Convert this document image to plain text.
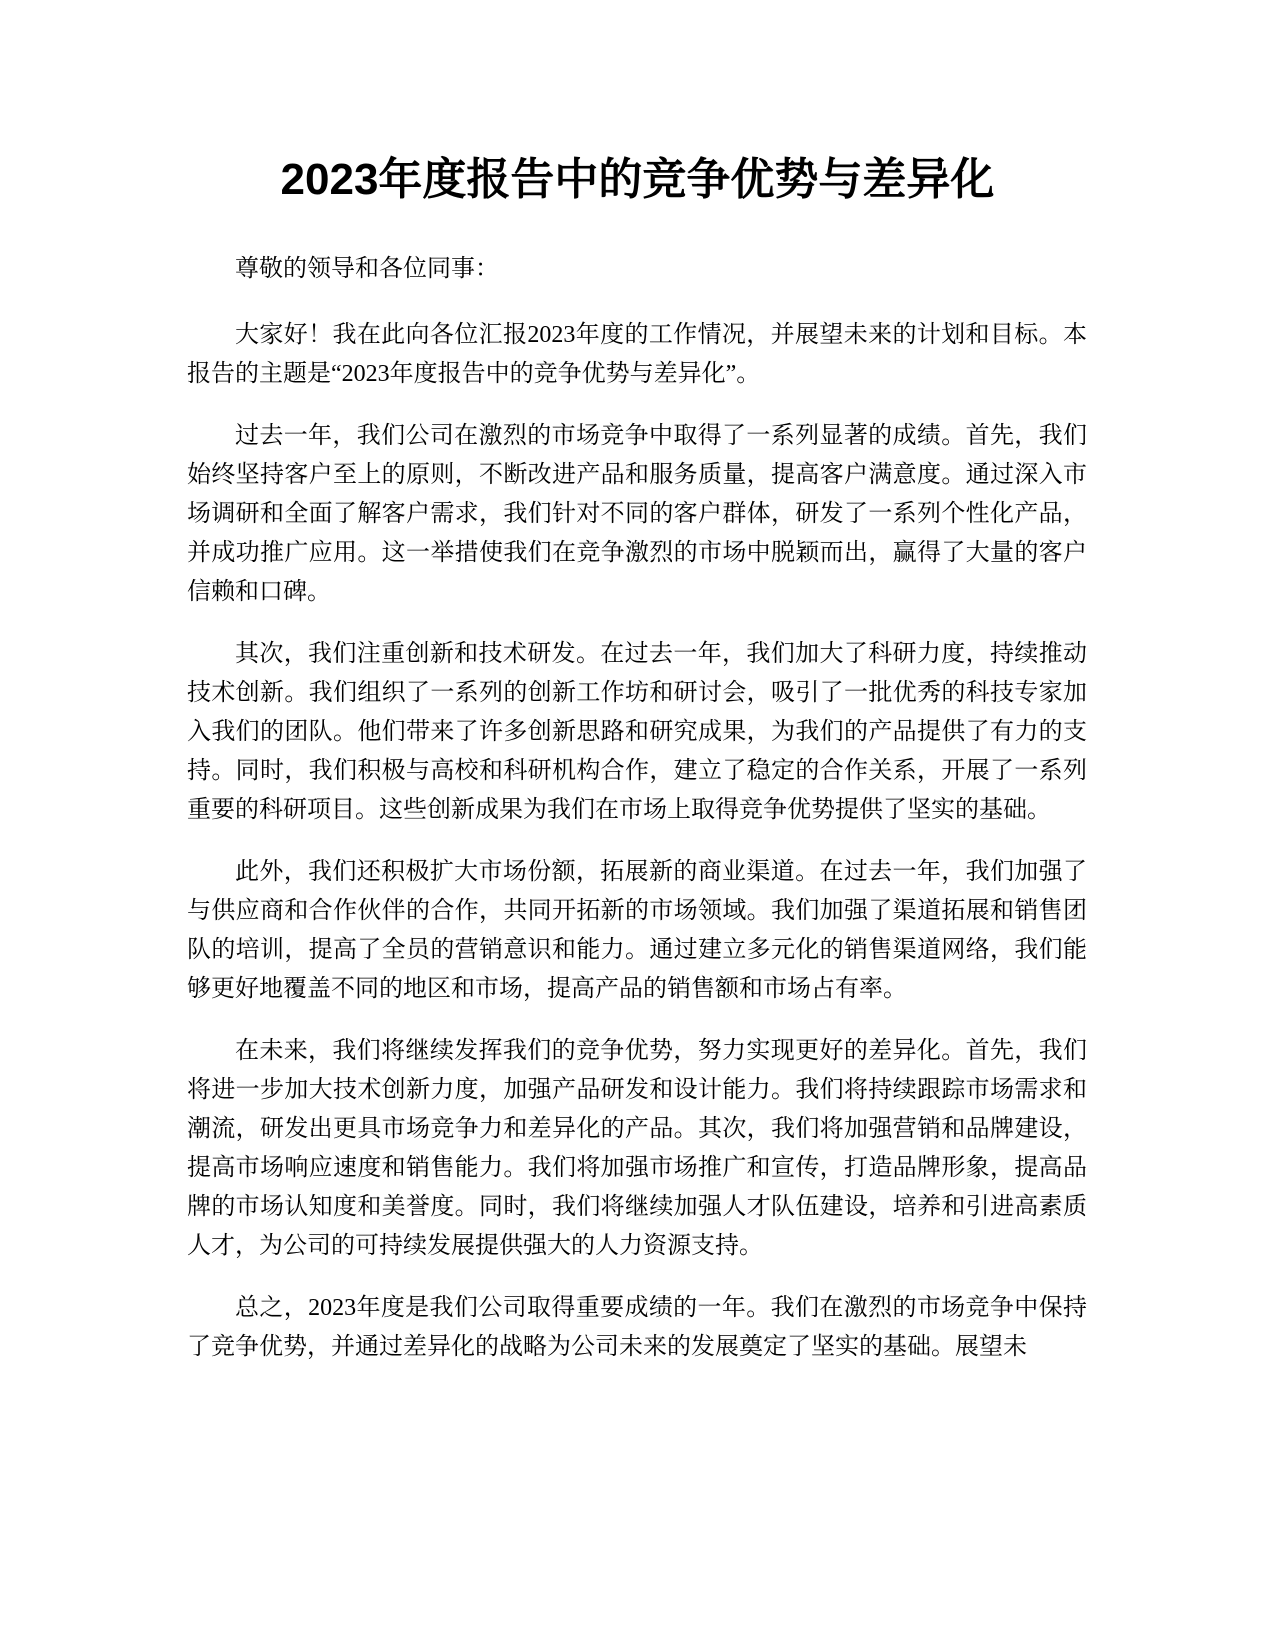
2023年度报告中的竞争优势与差异化

尊敬的领导和各位同事：

大家好！我在此向各位汇报2023年度的工作情况，并展望未来的计划和目标。本报告的主题是“2023年度报告中的竞争优势与差异化”。

过去一年，我们公司在激烈的市场竞争中取得了一系列显著的成绩。首先，我们始终坚持客户至上的原则，不断改进产品和服务质量，提高客户满意度。通过深入市场调研和全面了解客户需求，我们针对不同的客户群体，研发了一系列个性化产品，并成功推广应用。这一举措使我们在竞争激烈的市场中脱颖而出，赢得了大量的客户信赖和口碑。

其次，我们注重创新和技术研发。在过去一年，我们加大了科研力度，持续推动技术创新。我们组织了一系列的创新工作坊和研讨会，吸引了一批优秀的科技专家加入我们的团队。他们带来了许多创新思路和研究成果，为我们的产品提供了有力的支持。同时，我们积极与高校和科研机构合作，建立了稳定的合作关系，开展了一系列重要的科研项目。这些创新成果为我们在市场上取得竞争优势提供了坚实的基础。

此外，我们还积极扩大市场份额，拓展新的商业渠道。在过去一年，我们加强了与供应商和合作伙伴的合作，共同开拓新的市场领域。我们加强了渠道拓展和销售团队的培训，提高了全员的营销意识和能力。通过建立多元化的销售渠道网络，我们能够更好地覆盖不同的地区和市场，提高产品的销售额和市场占有率。

在未来，我们将继续发挥我们的竞争优势，努力实现更好的差异化。首先，我们将进一步加大技术创新力度，加强产品研发和设计能力。我们将持续跟踪市场需求和潮流，研发出更具市场竞争力和差异化的产品。其次，我们将加强营销和品牌建设，提高市场响应速度和销售能力。我们将加强市场推广和宣传，打造品牌形象，提高品牌的市场认知度和美誉度。同时，我们将继续加强人才队伍建设，培养和引进高素质人才，为公司的可持续发展提供强大的人力资源支持。

总之，2023年度是我们公司取得重要成绩的一年。我们在激烈的市场竞争中保持了竞争优势，并通过差异化的战略为公司未来的发展奠定了坚实的基础。展望未
